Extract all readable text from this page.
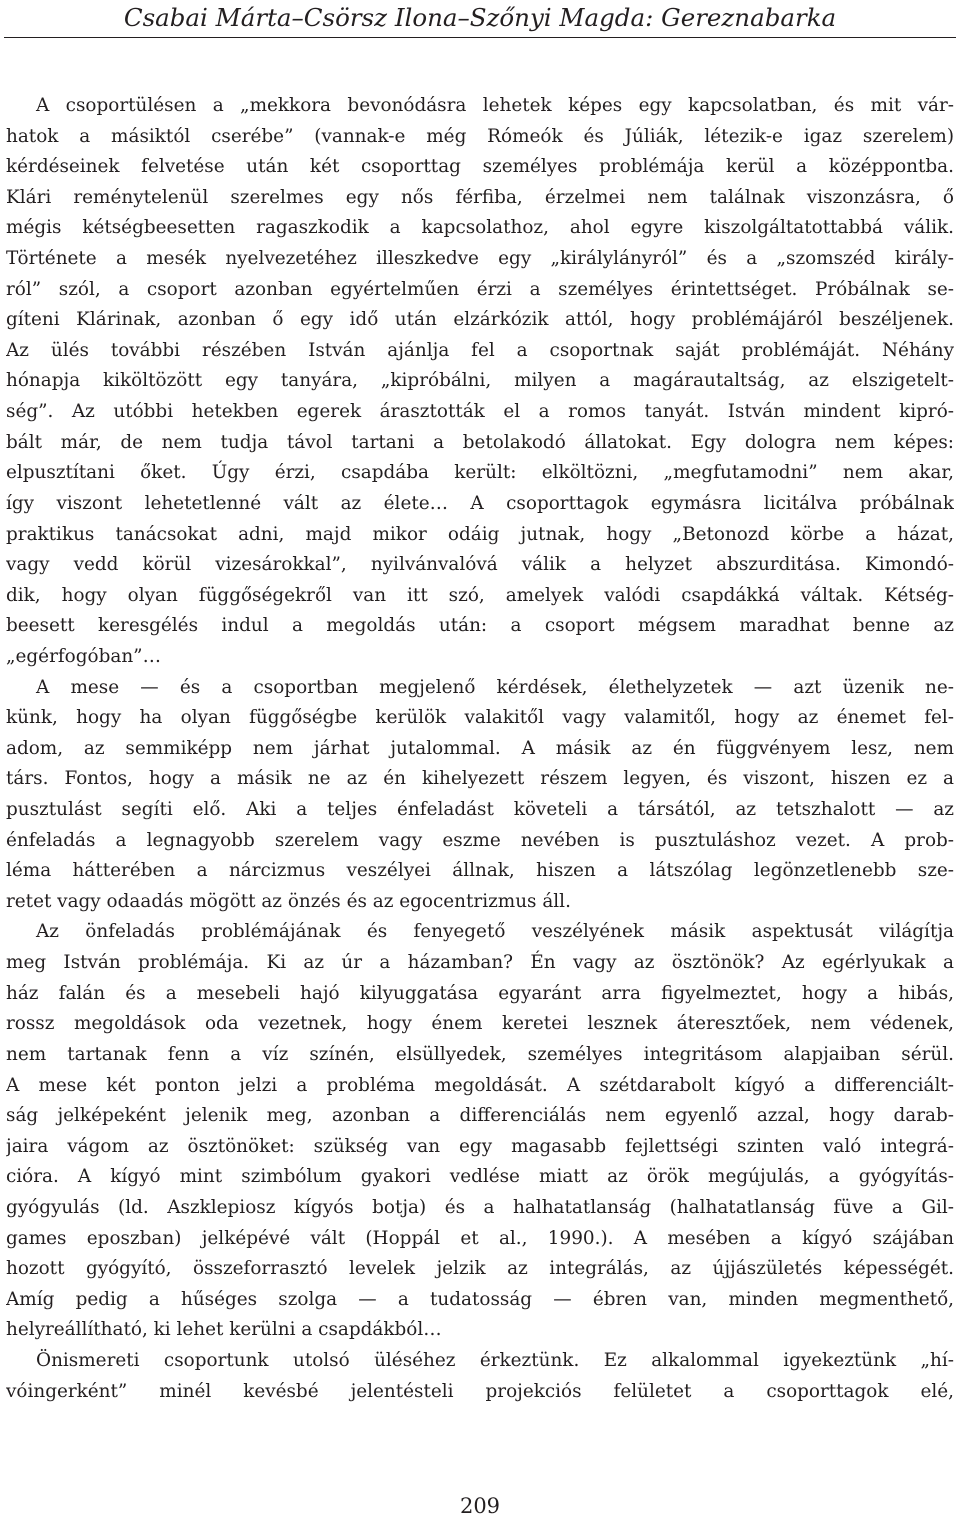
Csabai Márta–Csörsz Ilona–Szőnyi Magda: Gereznabarka
A csoportülésen a „mekkora bevonódásra lehetek képes egy kapcsolatban, és mit vár-
hatok a másiktól cserébe” (vannak-e még Rómeók és Júliák, létezik-e igaz szerelem)
kérdéseinek felvetése után két csoporttag személyes problémája kerül a középpontba.
Klári reménytelenül szerelmes egy nős férfiba, érzelmei nem találnak viszonzásra, ő
mégis kétségbeesetten ragaszkodik a kapcsolathoz, ahol egyre kiszolgáltatottabbá válik.
Története a mesék nyelvezetéhez illeszkedve egy „királylányról” és a „szomszéd király-
ról” szól, a csoport azonban egyértelműen érzi a személyes érintettséget. Próbálnak se-
gíteni Klárinak, azonban ő egy idő után elzárkózik attól, hogy problémájáról beszéljenek.
Az ülés további részében István ajánlja fel a csoportnak saját problémáját. Néhány
hónapja kiköltözött egy tanyára, „kipróbálni, milyen a magárautaltság, az elszigetelt-
ség”. Az utóbbi hetekben egerek árasztották el a romos tanyát. István mindent kipró-
bált már, de nem tudja távol tartani a betolakodó állatokat. Egy dologra nem képes:
elpusztítani őket. Úgy érzi, csapdába került: elköltözni, „megfutamodni” nem akar,
így viszont lehetetlenné vált az élete… A csoporttagok egymásra licitálva próbálnak
praktikus tanácsokat adni, majd mikor odáig jutnak, hogy „Betonozd körbe a házat,
vagy vedd körül vizesárokkal”, nyilvánvalóvá válik a helyzet abszurditása. Kimondó-
dik, hogy olyan függőségekről van itt szó, amelyek valódi csapdákká váltak. Kétség-
beesett keresgélés indul a megoldás után: a csoport mégsem maradhat benne az
„egérfogóban”…
A mese — és a csoportban megjelenő kérdések, élethelyzetek — azt üzenik ne-
künk, hogy ha olyan függőségbe kerülök valakitől vagy valamitől, hogy az énemet fel-
adom, az semmiképp nem járhat jutalommal. A másik az én függvényem lesz, nem
társ. Fontos, hogy a másik ne az én kihelyezett részem legyen, és viszont, hiszen ez a
pusztulást segíti elő. Aki a teljes énfeladást követeli a társától, az tetszhalott — az
énfeladás a legnagyobb szerelem vagy eszme nevében is pusztuláshoz vezet. A prob-
léma hátterében a nárcizmus veszélyei állnak, hiszen a látszólag legönzetlenebb sze-
retet vagy odaadás mögött az önzés és az egocentrizmus áll.
Az önfeladás problémájának és fenyegető veszélyének másik aspektusát világítja
meg István problémája. Ki az úr a házamban? Én vagy az ösztönök? Az egérlyukak a
ház falán és a mesebeli hajó kilyuggatása egyaránt arra figyelmeztet, hogy a hibás,
rossz megoldások oda vezetnek, hogy énem keretei lesznek áteresztőek, nem védenek,
nem tartanak fenn a víz színén, elsüllyedek, személyes integritásom alapjaiban sérül.
A mese két ponton jelzi a probléma megoldását. A szétdarabolt kígyó a differenciált-
ság jelképeként jelenik meg, azonban a differenciálás nem egyenlő azzal, hogy darab-
jaira vágom az ösztönöket: szükség van egy magasabb fejlettségi szinten való integrá-
cióra. A kígyó mint szimbólum gyakori vedlése miatt az örök megújulás, a gyógyítás-
gyógyulás (ld. Aszklepiosz kígyós botja) és a halhatatlanság (halhatatlanság füve a Gil-
games eposzban) jelképévé vált (Hoppál et al., 1990.). A mesében a kígyó szájában
hozott gyógyító, összeforrasztó levelek jelzik az integrálás, az újjászületés képességét.
Amíg pedig a hűséges szolga — a tudatosság — ébren van, minden megmenthető,
helyreállítható, ki lehet kerülni a csapdákból…
Önismereti csoportunk utolsó üléséhez érkeztünk. Ez alkalommal igyekeztünk „hí-
vóingerként” minél kevésbé jelentésteli projekciós felületet a csoporttagok elé,
209
